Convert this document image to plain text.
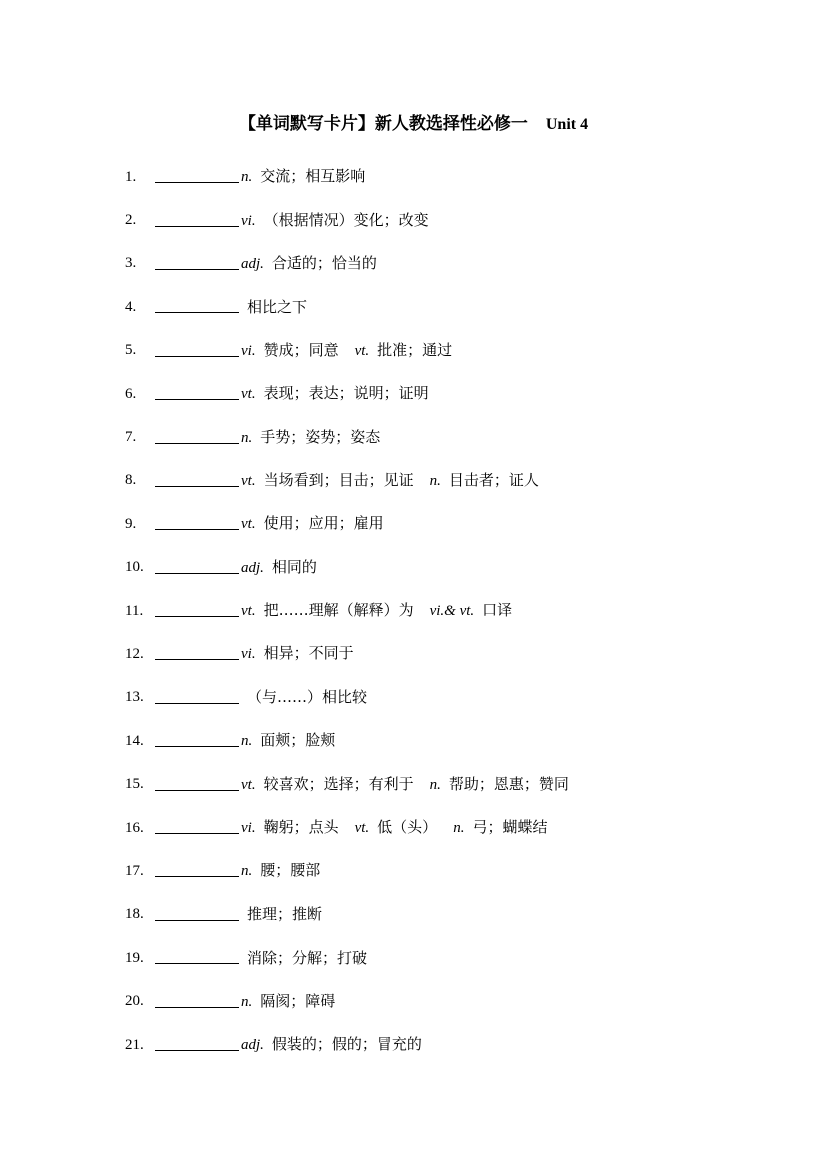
【单词默写卡片】新人教选择性必修一 Unit 4
1.	n. 交流；相互影响
2.	vi. （根据情况）变化；改变
3.	adj. 合适的；恰当的
4.	相比之下
5.	vi. 赞成；同意 vt. 批准；通过
6.	vt. 表现；表达；说明；证明
7.	n. 手势；姿势；姿态
8.	vt. 当场看到；目击；见证 n. 目击者；证人
9.	vt. 使用；应用；雇用
10.	adj. 相同的
11.	vt. 把……理解（解释）为 vi.& vt. 口译
12.	vi. 相异；不同于
13.	（与……）相比较
14.	n. 面颊；脸颊
15.	vt. 较喜欢；选择；有利于 n. 帮助；恩惠；赞同
16.	vi. 鞠躬；点头 vt. 低（头） n. 弓；蝴蝶结
17.	n. 腰；腰部
18.	推理；推断
19.	消除；分解；打破
20.	n. 隔阂；障碍
21.	adj. 假装的；假的；冒充的
